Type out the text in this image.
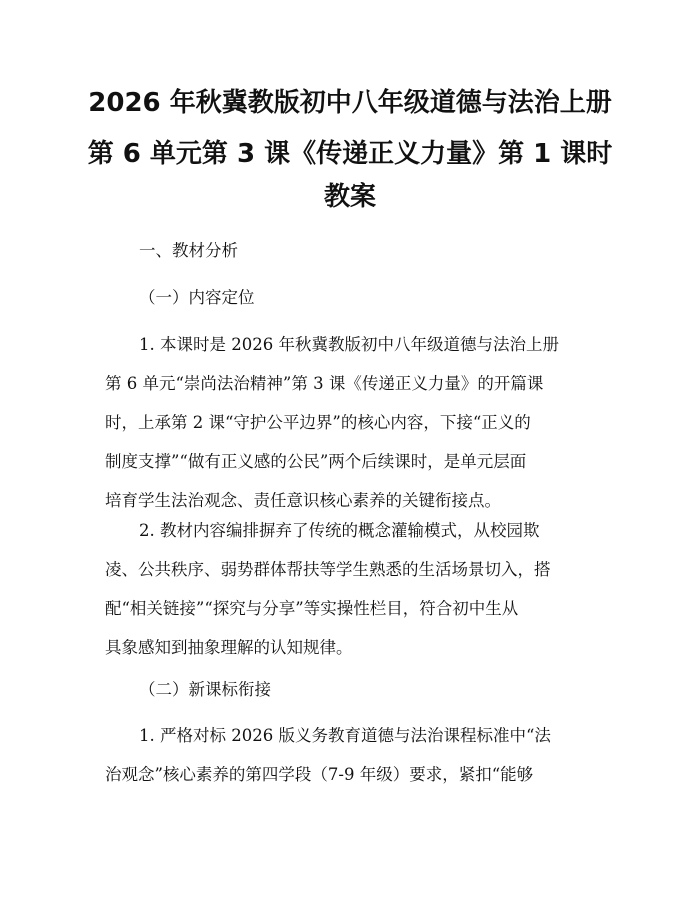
2026 年秋冀教版初中八年级道德与法治上册
第 6 单元第 3 课《传递正义力量》第 1 课时
教案
一、教材分析
（一）内容定位
1. 本课时是 2026 年秋冀教版初中八年级道德与法治上册
第 6 单元“崇尚法治精神”第 3 课《传递正义力量》的开篇课
时，上承第 2 课“守护公平边界”的核心内容，下接“正义的
制度支撑”“做有正义感的公民”两个后续课时，是单元层面
培育学生法治观念、责任意识核心素养的关键衔接点。
2. 教材内容编排摒弃了传统的概念灌输模式，从校园欺
凌、公共秩序、弱势群体帮扶等学生熟悉的生活场景切入，搭
配“相关链接”“探究与分享”等实操性栏目，符合初中生从
具象感知到抽象理解的认知规律。
（二）新课标衔接
1. 严格对标 2026 版义务教育道德与法治课程标准中“法
治观念”核心素养的第四学段（7-9 年级）要求，紧扣“能够
